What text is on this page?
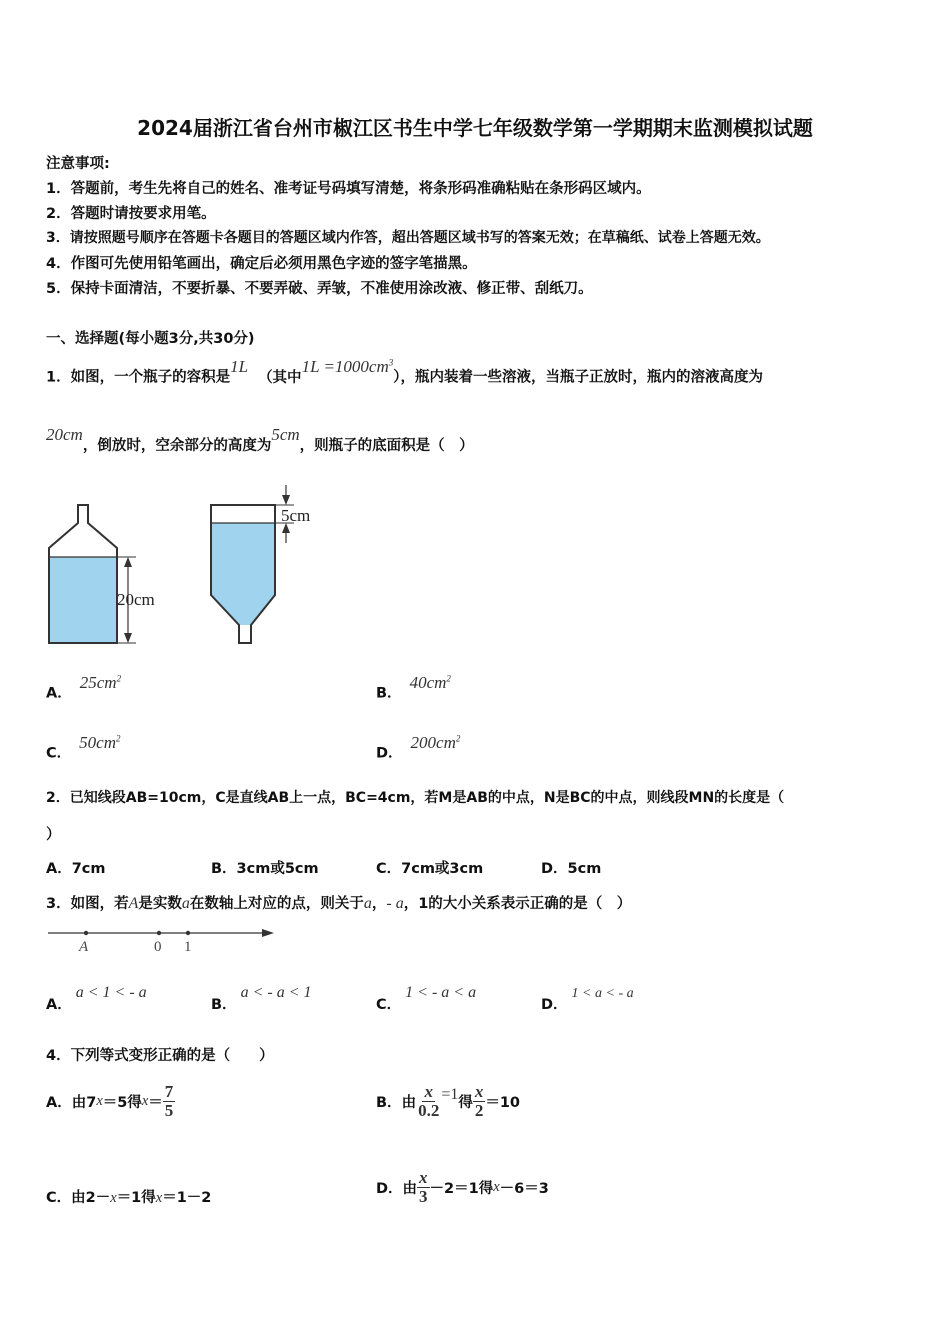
2024届浙江省台州市椒江区书生中学七年级数学第一学期期末监测模拟试题
注意事项:
1．答题前，考生先将自己的姓名、准考证号码填写清楚，将条形码准确粘贴在条形码区域内。
2．答题时请按要求用笔。
3．请按照题号顺序在答题卡各题目的答题区域内作答，超出答题区域书写的答案无效；在草稿纸、试卷上答题无效。
4．作图可先使用铅笔画出，确定后必须用黑色字迹的签字笔描黑。
5．保持卡面清洁，不要折暴、不要弄破、弄皱，不准使用涂改液、修正带、刮纸刀。
一、选择题(每小题3分,共30分)
1．如图，一个瓶子的容积是1L（其中$1L =1000cm^3$），瓶内装着一些溶液，当瓶子正放时，瓶内的溶液高度为
20cm，倒放时，空余部分的高度为5cm，则瓶子的底面积是（　）
20cm
5cm
A．$25cm^2$
B．$40cm^2$
C．$50cm^2$
D．$200cm^2$
2．已知线段AB=10cm，C是直线AB上一点，BC=4cm，若M是AB的中点，N是BC的中点，则线段MN的长度是（
）
A．7cm	B．3cm或5cm	C．7cm或3cm	D．5cm
3．如图，若A是实数a在数轴上对应的点，则关于a，- a，1的大小关系表示正确的是（　）
A	0 1
A．a < 1 < - a
B．a < - a < 1
C．1 < - a < a
D．1 < a < - a
4．下列等式变形正确的是（　　）
A． 由7 x ＝5得 $x = \frac{7}{5}$	B． 由 $\frac{x}{0.2} =1$ 得 $\frac{x}{2} =10$
C．由2－x＝1得x＝1－2
D． 由 $\frac{x}{3} -2=1$得 x －6＝3
